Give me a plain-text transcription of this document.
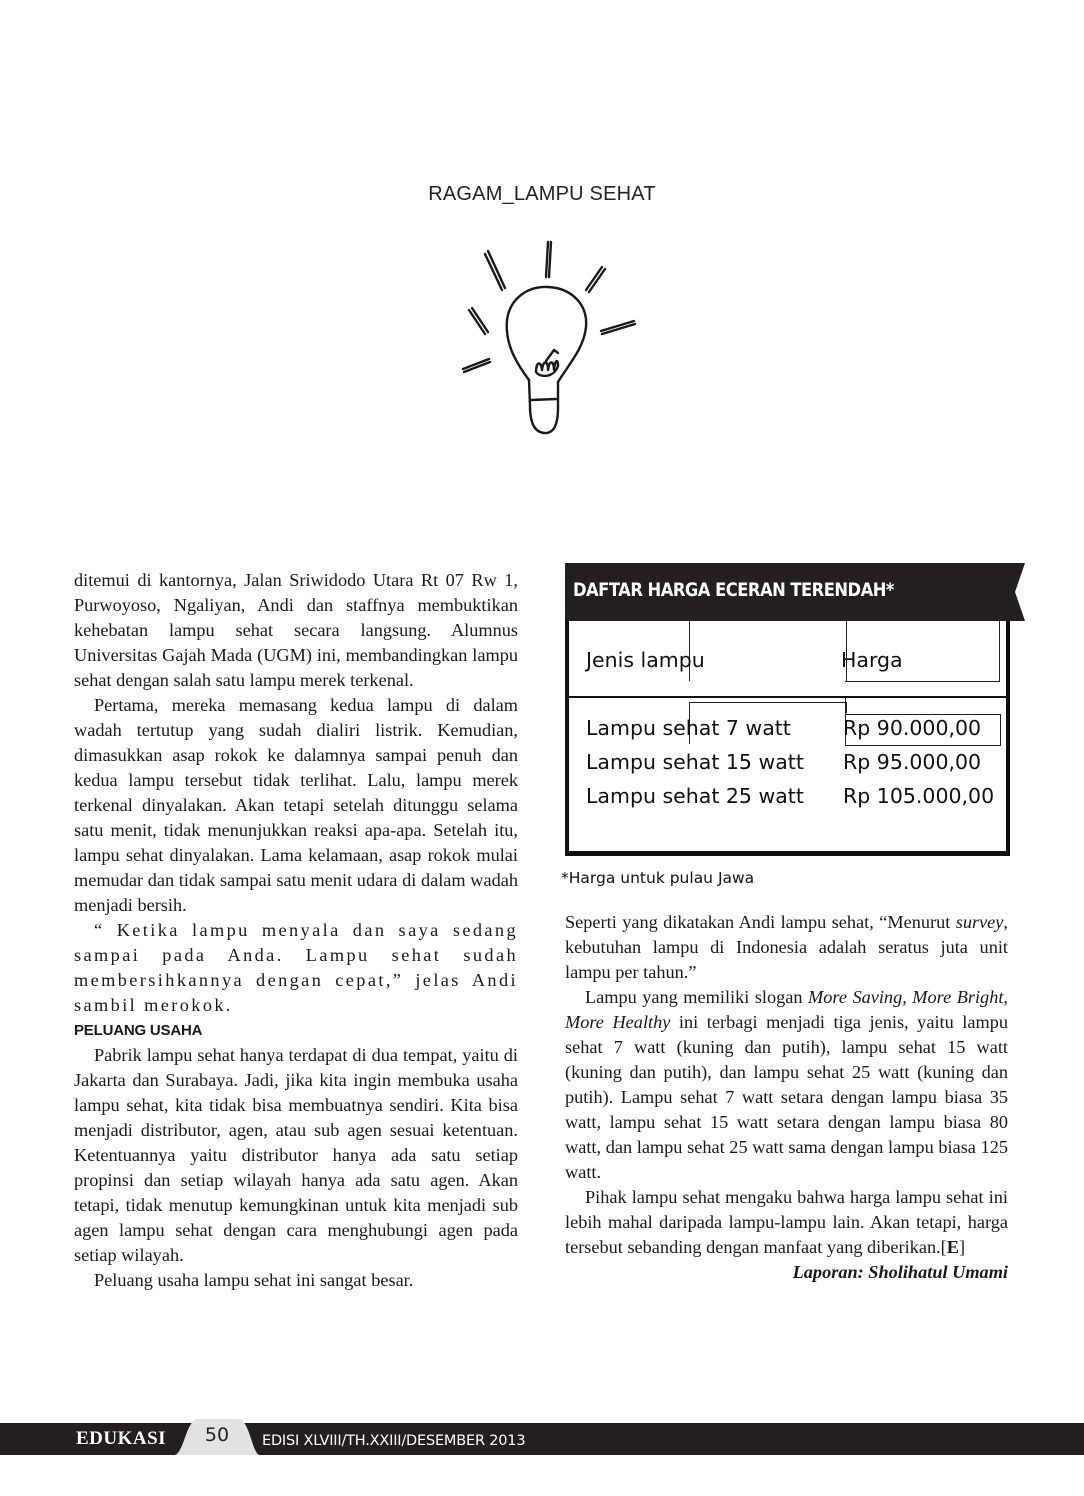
RAGAM_LAMPU SEHAT

ditemui di kantornya, Jalan Sriwidodo Utara Rt 07 Rw 1, Purwoyoso, Ngaliyan, Andi dan staffnya membuktikan kehebatan lampu sehat secara langsung. Alumnus Universitas Gajah Mada (UGM) ini, membandingkan lampu sehat dengan salah satu lampu merek terkenal.

Pertama, mereka memasang kedua lampu di dalam wadah tertutup yang sudah dialiri listrik. Kemudian, dimasukkan asap rokok ke dalamnya sampai penuh dan kedua lampu tersebut tidak terlihat. Lalu, lampu merek terkenal dinyalakan. Akan tetapi setelah ditunggu selama satu menit, tidak menunjukkan reaksi apa-apa. Setelah itu, lampu sehat dinyalakan. Lama kelamaan, asap rokok mulai memudar dan tidak sampai satu menit udara di dalam wadah menjadi bersih.

“ Ketika lampu menyala dan saya sedang sampai pada Anda. Lampu sehat sudah membersihkannya dengan cepat,” jelas Andi sambil merokok.

PELUANG USAHA

Pabrik lampu sehat hanya terdapat di dua tempat, yaitu di Jakarta dan Surabaya. Jadi, jika kita ingin membuka usaha lampu sehat, kita tidak bisa membuatnya sendiri. Kita bisa menjadi distributor, agen, atau sub agen sesuai ketentuan. Ketentuannya yaitu distributor hanya ada satu setiap propinsi dan setiap wilayah hanya ada satu agen. Akan tetapi, tidak menutup kemungkinan untuk kita menjadi sub agen lampu sehat dengan cara menghubungi agen pada setiap wilayah.

Peluang usaha lampu sehat ini sangat besar.

DAFTAR HARGA ECERAN TERENDAH*
Jenis lampu	Harga
Lampu sehat 7 watt	Rp 90.000,00
Lampu sehat 15 watt Rp 95.000,00
Lampu sehat 25 watt Rp 105.000,00
*Harga untuk pulau Jawa

Seperti yang dikatakan Andi lampu sehat, “Menurut survey, kebutuhan lampu di Indonesia adalah seratus juta unit lampu per tahun.”

Lampu yang memiliki slogan More Saving, More Bright, More Healthy ini terbagi menjadi tiga jenis, yaitu lampu sehat 7 watt (kuning dan putih), lampu sehat 15 watt (kuning dan putih), dan lampu sehat 25 watt (kuning dan putih). Lampu sehat 7 watt setara dengan lampu biasa 35 watt, lampu sehat 15 watt setara dengan lampu biasa 80 watt, dan lampu sehat 25 watt sama dengan lampu biasa 125 watt.

Pihak lampu sehat mengaku bahwa harga lampu sehat ini lebih mahal daripada lampu-lampu lain. Akan tetapi, harga tersebut sebanding dengan manfaat yang diberikan.[E]

Laporan: Sholihatul Umami

EDUKASI	50	EDISI XLVIII/TH.XXIII/DESEMBER 2013
